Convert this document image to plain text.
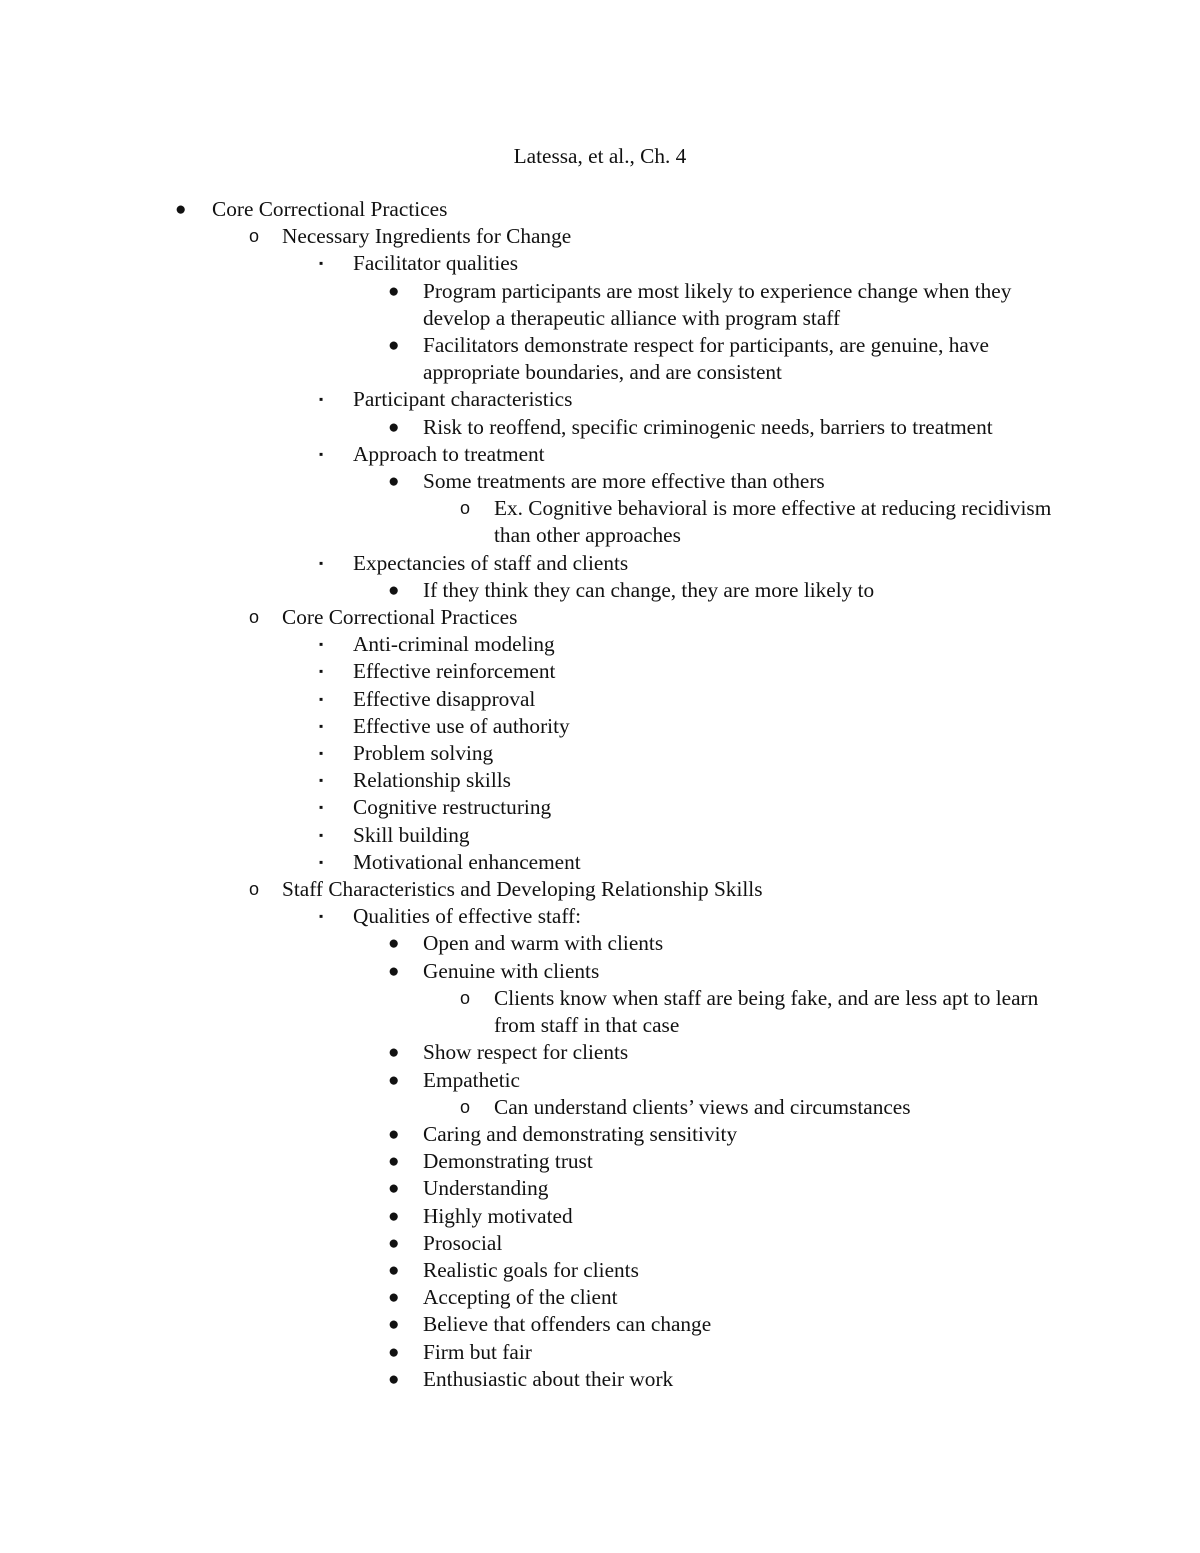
Latessa, et al., Ch. 4
● Core Correctional Practices
o Necessary Ingredients for Change
▪ Facilitator qualities
● Program participants are most likely to experience change when they develop a therapeutic alliance with program staff
● Facilitators demonstrate respect for participants, are genuine, have appropriate boundaries, and are consistent
▪ Participant characteristics
● Risk to reoffend, specific criminogenic needs, barriers to treatment
▪ Approach to treatment
● Some treatments are more effective than others
o Ex. Cognitive behavioral is more effective at reducing recidivism than other approaches
▪ Expectancies of staff and clients
● If they think they can change, they are more likely to
o Core Correctional Practices
▪ Anti-criminal modeling
▪ Effective reinforcement
▪ Effective disapproval
▪ Effective use of authority
▪ Problem solving
▪ Relationship skills
▪ Cognitive restructuring
▪ Skill building
▪ Motivational enhancement
o Staff Characteristics and Developing Relationship Skills
▪ Qualities of effective staff:
● Open and warm with clients
● Genuine with clients
o Clients know when staff are being fake, and are less apt to learn from staff in that case
● Show respect for clients
● Empathetic
o Can understand clients’ views and circumstances
● Caring and demonstrating sensitivity
● Demonstrating trust
● Understanding
● Highly motivated
● Prosocial
● Realistic goals for clients
● Accepting of the client
● Believe that offenders can change
● Firm but fair
● Enthusiastic about their work
